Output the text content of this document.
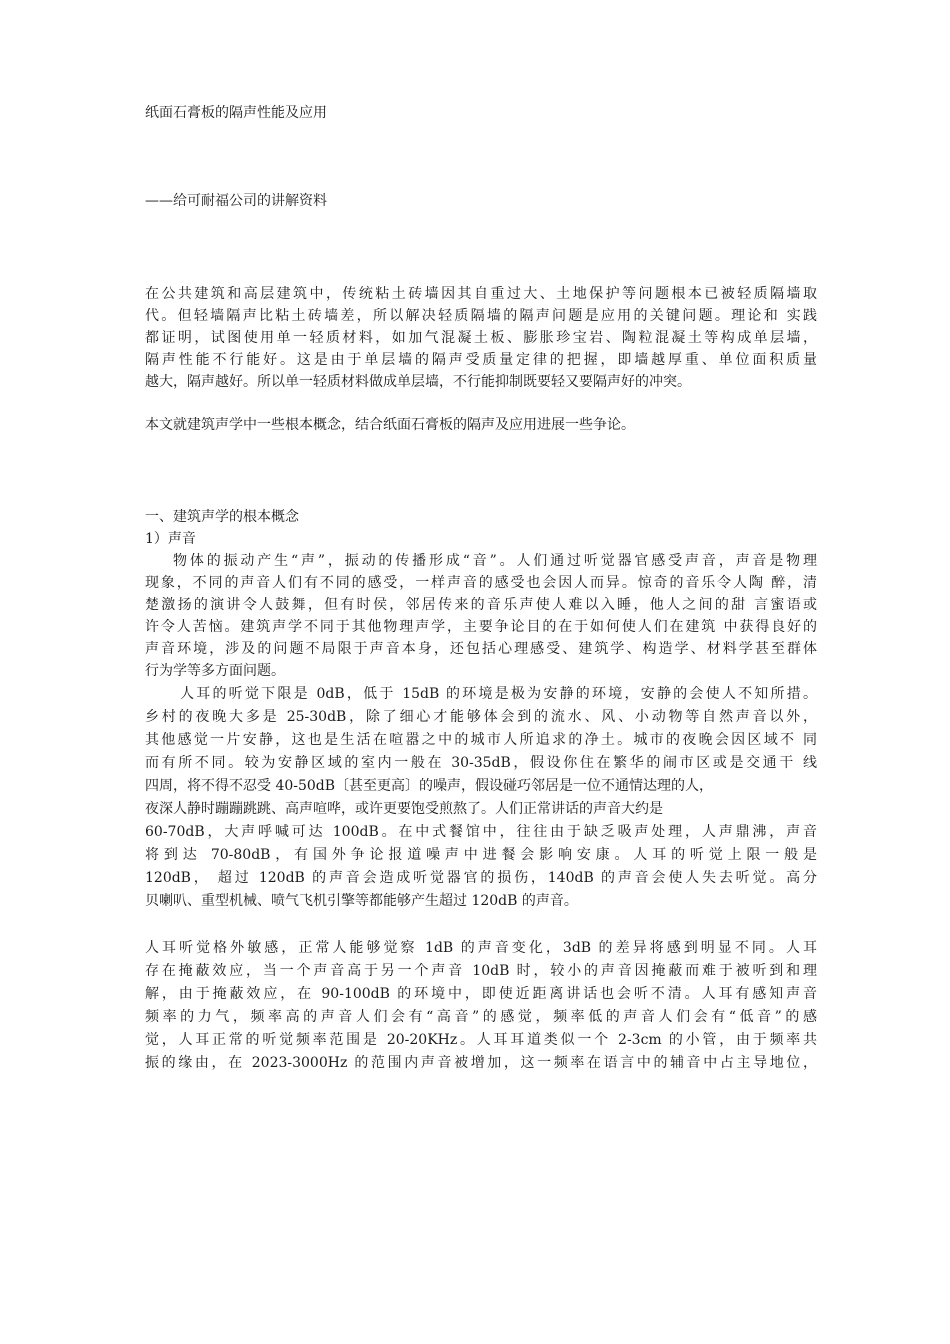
纸面石膏板的隔声性能及应用
——给可耐福公司的讲解资料
在公共建筑和高层建筑中，传统粘土砖墙因其自重过大、土地保护等问题根本已被轻质隔墙取
代。但轻墙隔声比粘土砖墙差，所以解决轻质隔墙的隔声问题是应用的关键问题。理论和 实践
都证明，试图使用单一轻质材料，如加气混凝土板、膨胀珍宝岩、陶粒混凝土等构成单层墙，
隔声性能不行能好。这是由于单层墙的隔声受质量定律的把握，即墙越厚重、单位面积质量
越大，隔声越好。所以单一轻质材料做成单层墙，不行能抑制既要轻又要隔声好的冲突。
本文就建筑声学中一些根本概念，结合纸面石膏板的隔声及应用进展一些争论。
一、建筑声学的根本概念
1）声音
物体的振动产生“声”，振动的传播形成“音”。人们通过听觉器官感受声音，声音是物理
现象，不同的声音人们有不同的感受，一样声音的感受也会因人而异。惊奇的音乐令人陶 醉，清
楚激扬的演讲令人鼓舞，但有时侯，邻居传来的音乐声使人难以入睡，他人之间的甜 言蜜语或
许令人苦恼。建筑声学不同于其他物理声学，主要争论目的在于如何使人们在建筑 中获得良好的
声音环境，涉及的问题不局限于声音本身，还包括心理感受、建筑学、构造学、材料学甚至群体
行为学等多方面问题。
人耳的听觉下限是 0dB，低于 15dB 的环境是极为安静的环境，安静的会使人不知所措。
乡村的夜晚大多是 25-30dB，除了细心才能够体会到的流水、风、小动物等自然声音以外，
其他感觉一片安静，这也是生活在喧嚣之中的城市人所追求的净土。城市的夜晚会因区域不 同
而有所不同。较为安静区域的室内一般在 30-35dB，假设你住在繁华的闹市区或是交通干 线
四周，将不得不忍受 40-50dB〔甚至更高〕的噪声，假设碰巧邻居是一位不通情达理的人，
夜深人静时蹦蹦跳跳、高声喧哗，或许更要饱受煎熬了。人们正常讲话的声音大约是
60-70dB，大声呼喊可达 100dB。在中式餐馆中，往往由于缺乏吸声处理，人声鼎沸，声音
将到达 70-80dB，有国外争论报道噪声中进餐会影响安康。人耳的听觉上限一般是
120dB， 超过 120dB 的声音会造成听觉器官的损伤，140dB 的声音会使人失去听觉。高分
贝喇叭、重型机械、喷气飞机引擎等都能够产生超过 120dB 的声音。
人耳听觉格外敏感，正常人能够觉察 1dB 的声音变化，3dB 的差异将感到明显不同。人耳
存在掩蔽效应，当一个声音高于另一个声音 10dB 时，较小的声音因掩蔽而难于被听到和理
解，由于掩蔽效应，在 90-100dB 的环境中，即使近距离讲话也会听不清。人耳有感知声音
频率的力气，频率高的声音人们会有“高音”的感觉，频率低的声音人们会有“低音”的感
觉，人耳正常的听觉频率范围是 20-20KHz。人耳耳道类似一个 2-3cm 的小管，由于频率共
振的缘由，在 2023-3000Hz 的范围内声音被增加，这一频率在语言中的辅音中占主导地位，
